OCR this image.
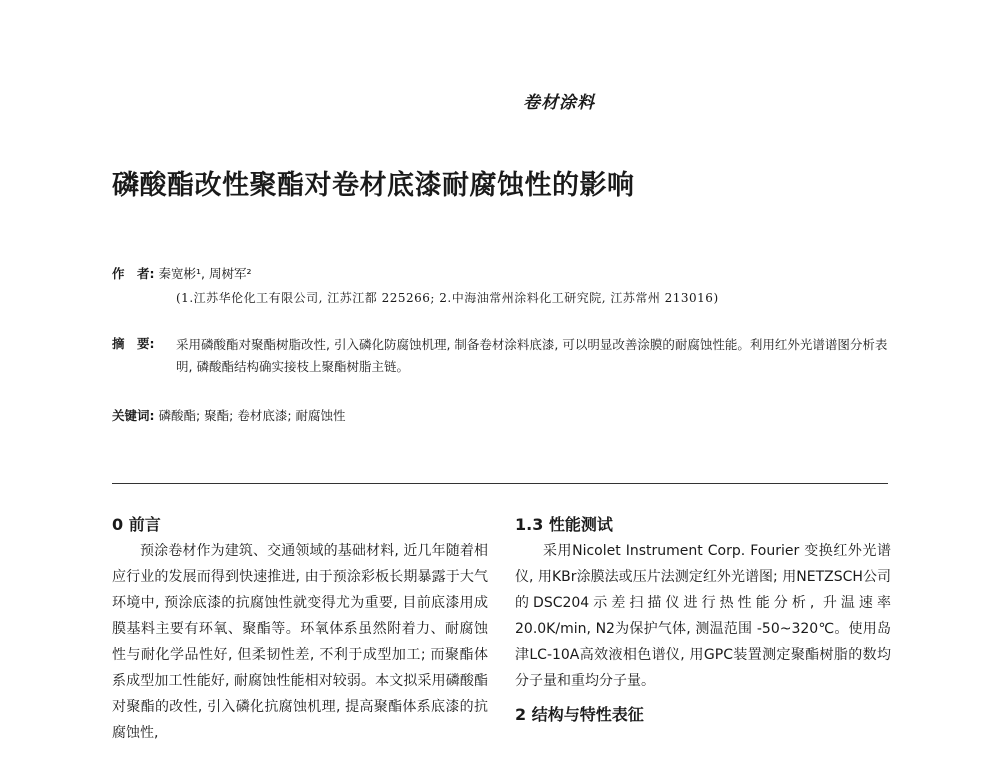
卷材涂料
磷酸酯改性聚酯对卷材底漆耐腐蚀性的影响
作　者: 秦宽彬¹, 周树军²
(1.江苏华伦化工有限公司, 江苏江都 225266; 2.中海油常州涂料化工研究院, 江苏常州 213016)
摘　要: 采用磷酸酯对聚酯树脂改性, 引入磷化防腐蚀机理, 制备卷材涂料底漆, 可以明显改善涂膜的耐腐蚀性能。利用红外光谱谱图分析表明, 磷酸酯结构确实接枝上聚酯树脂主链。
关键词: 磷酸酯; 聚酯; 卷材底漆; 耐腐蚀性
0 前言

预涂卷材作为建筑、交通领域的基础材料, 近几年随着相应行业的发展而得到快速推进, 由于预涂彩板长期暴露于大气环境中, 预涂底漆的抗腐蚀性就变得尤为重要, 目前底漆用成膜基料主要有环氧、聚酯等。环氧体系虽然附着力、耐腐蚀性与耐化学品性好, 但柔韧性差, 不利于成型加工; 而聚酯体系成型加工性能好, 耐腐蚀性能相对较弱。本文拟采用磷酸酯对聚酯的改性, 引入磷化抗腐蚀机理, 提高聚酯体系底漆的抗腐蚀性,

1.3 性能测试

采用Nicolet Instrument Corp. Fourier 变换红外光谱仪, 用KBr涂膜法或压片法测定红外光谱图; 用NETZSCH公司的DSC204示差扫描仪进行热性能分析, 升温速率 20.0K/min, N2为保护气体, 测温范围 -50~320℃。使用岛津LC-10A高效液相色谱仪, 用GPC装置测定聚酯树脂的数均分子量和重均分子量。

2 结构与特性表征
